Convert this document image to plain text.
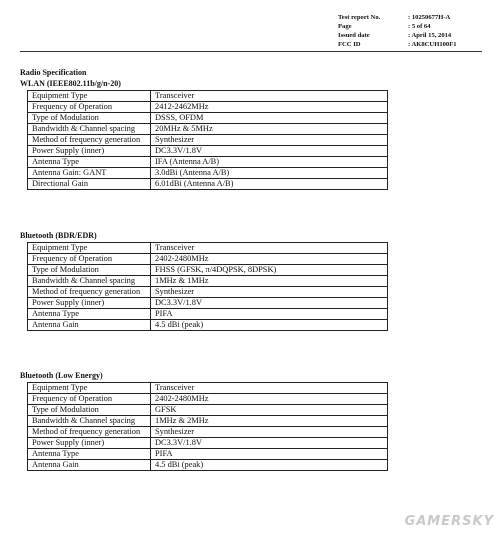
Test report No.	: 10250677H-A
Page	: 5 of 64
Issued date	: April 15, 2014
FCC ID	: AK8CUH100F1
Radio Specification
WLAN (IEEE802.11b/g/n-20)
Equipment Type	Transceiver
Frequency of Operation	2412-2462MHz
Type of Modulation	DSSS, OFDM
Bandwidth & Channel spacing	20MHz & 5MHz
Method of frequency generation	Synthesizer
Power Supply (inner)	DC3.3V/1.8V
Antenna Type	IFA (Antenna A/B)
Antenna Gain: GANT	3.0dBi (Antenna A/B)
Directional Gain	6.01dBi (Antenna A/B)
Bluetooth (BDR/EDR)
Equipment Type	Transceiver
Frequency of Operation	2402-2480MHz
Type of Modulation	FHSS (GFSK, π/4DQPSK, 8DPSK)
Bandwidth & Channel spacing	1MHz & 1MHz
Method of frequency generation	Synthesizer
Power Supply (inner)	DC3.3V/1.8V
Antenna Type	PIFA
Antenna Gain	4.5 dBi (peak)
Bluetooth (Low Energy)
Equipment Type	Transceiver
Frequency of Operation	2402-2480MHz
Type of Modulation	GFSK
Bandwidth & Channel spacing	1MHz & 2MHz
Method of frequency generation	Synthesizer
Power Supply (inner)	DC3.3V/1.8V
Antenna Type	PIFA
Antenna Gain	4.5 dBi (peak)
GAMERSKY
